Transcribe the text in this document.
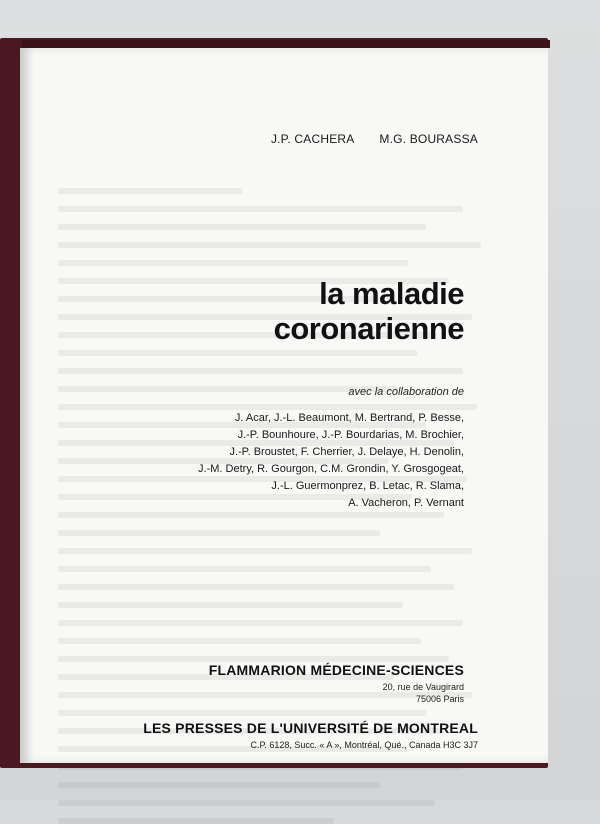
J.P. CACHERA M.G. BOURASSA
la maladie
coronarienne
avec la collaboration de
J. Acar, J.-L. Beaumont, M. Bertrand, P. Besse,
J.-P. Bounhoure, J.-P. Bourdarias, M. Brochier,
J.-P. Broustet, F. Cherrier, J. Delaye, H. Denolin,
J.-M. Detry, R. Gourgon, C.M. Grondin, Y. Grosgogeat,
J.-L. Guermonprez, B. Letac, R. Slama,
A. Vacheron, P. Vernant
FLAMMARION MÉDECINE-SCIENCES
20, rue de Vaugirard
75006 Paris
LES PRESSES DE L'UNIVERSITÉ DE MONTREAL
C.P. 6128, Succ. « A », Montréal, Qué., Canada H3C 3J7
